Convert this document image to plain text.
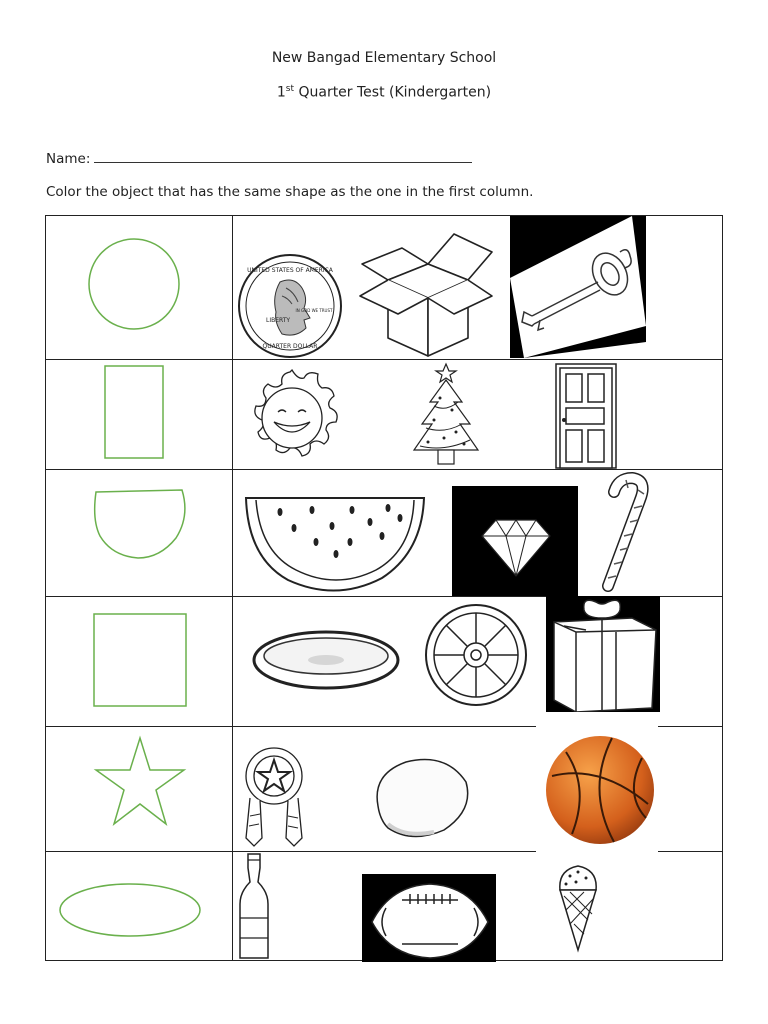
New Bangad Elementary School
1st Quarter Test (Kindergarten)
Name:
Color the object that has the same shape as the one in the first column.
UNITED STATES OF AMERICA
LIBERTY
IN GOD WE TRUST
QUARTER DOLLAR
